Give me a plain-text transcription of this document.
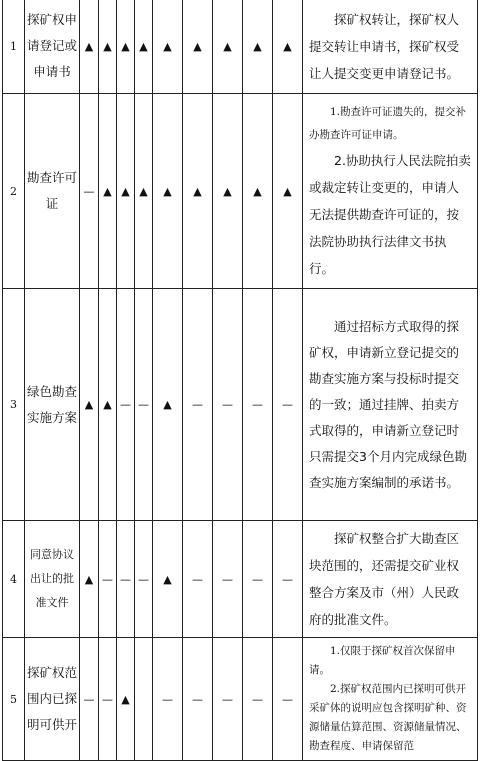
1	探矿权申
请登记或
申请书	▲	▲	▲	▲	▲	▲	▲	▲	▲	探矿权转让，探矿权人提交转让申请书，探矿权受让人提交变更申请登记书。

2	勘查许可
证	—	▲	▲	▲	▲	▲	▲	▲	▲	1.勘查许可证遗失的，提交补办勘查许可证申请。
2.协助执行人民法院拍卖或裁定转让变更的，申请人无法提供勘查许可证的，按法院协助执行法律文书执行。

3	绿色勘查
实施方案	▲	▲	—	—	▲	—	—	—	—	通过招标方式取得的探矿权，申请新立登记提交的勘查实施方案与投标时提交的一致；通过挂牌、拍卖方式取得的，申请新立登记时只需提交3个月内完成绿色勘查实施方案编制的承诺书。

4	同意协议
出让的批
准文件	▲	—	—	—	▲	—	—	—	—	探矿权整合扩大勘查区块范围的，还需提交矿业权整合方案及市（州）人民政府的批准文件。

5	探矿权范
围内已探
明可供开	—	—	▲		—	—	—	—	—	1.仅限于探矿权首次保留申请。
2.探矿权范围内已探明可供开采矿体的说明应包含探明矿种、资源储量估算范围、资源储量情况、勘查程度、申请保留范
